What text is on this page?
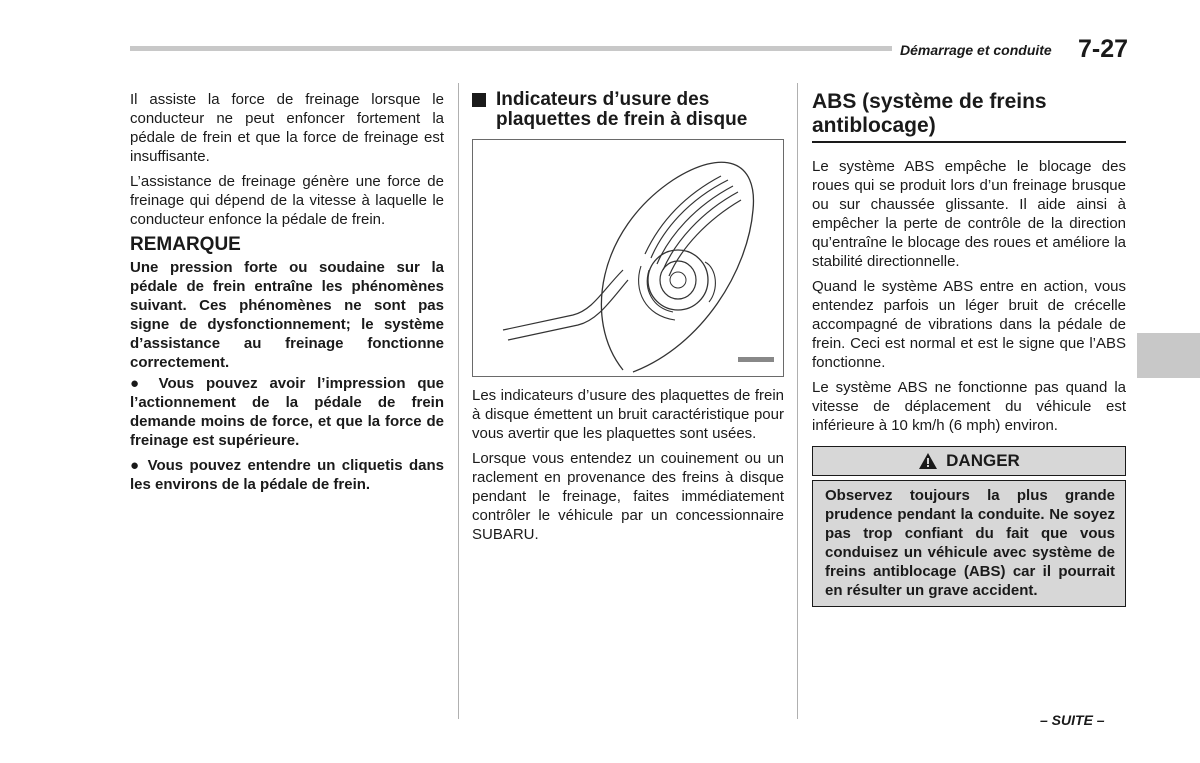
Démarrage et conduite 7-27

Il assiste la force de freinage lorsque le conducteur ne peut enfoncer fortement la pédale de frein et que la force de freinage est insuffisante.

L’assistance de freinage génère une force de freinage qui dépend de la vitesse à laquelle le conducteur enfonce la pédale de frein.

REMARQUE

Une pression forte ou soudaine sur la pédale de frein entraîne les phénomènes suivant. Ces phénomènes ne sont pas signe de dysfonctionnement; le système d’assistance au freinage fonctionne correctement.

● Vous pouvez avoir l’impression que l’actionnement de la pédale de frein demande moins de force, et que la force de freinage est supérieure.

● Vous pouvez entendre un cliquetis dans les environs de la pédale de frein.

Indicateurs d’usure des plaquettes de frein à disque

Les indicateurs d’usure des plaquettes de frein à disque émettent un bruit caractéristique pour vous avertir que les plaquettes sont usées.

Lorsque vous entendez un couinement ou un raclement en provenance des freins à disque pendant le freinage, faites immédiatement contrôler le véhicule par un concessionnaire SUBARU.

ABS (système de freins antiblocage)

Le système ABS empêche le blocage des roues qui se produit lors d’un freinage brusque ou sur chaussée glissante. Il aide ainsi à empêcher la perte de contrôle de la direction qu’entraîne le blocage des roues et améliore la stabilité directionnelle.

Quand le système ABS entre en action, vous entendez parfois un léger bruit de crécelle accompagné de vibrations dans la pédale de frein. Ceci est normal et est le signe que l’ABS fonctionne.

Le système ABS ne fonctionne pas quand la vitesse de déplacement du véhicule est inférieure à 10 km/h (6 mph) environ.

DANGER
Observez toujours la plus grande prudence pendant la conduite. Ne soyez pas trop confiant du fait que vous conduisez un véhicule avec système de freins antiblocage (ABS) car il pourrait en résulter un grave accident.
– SUITE –
